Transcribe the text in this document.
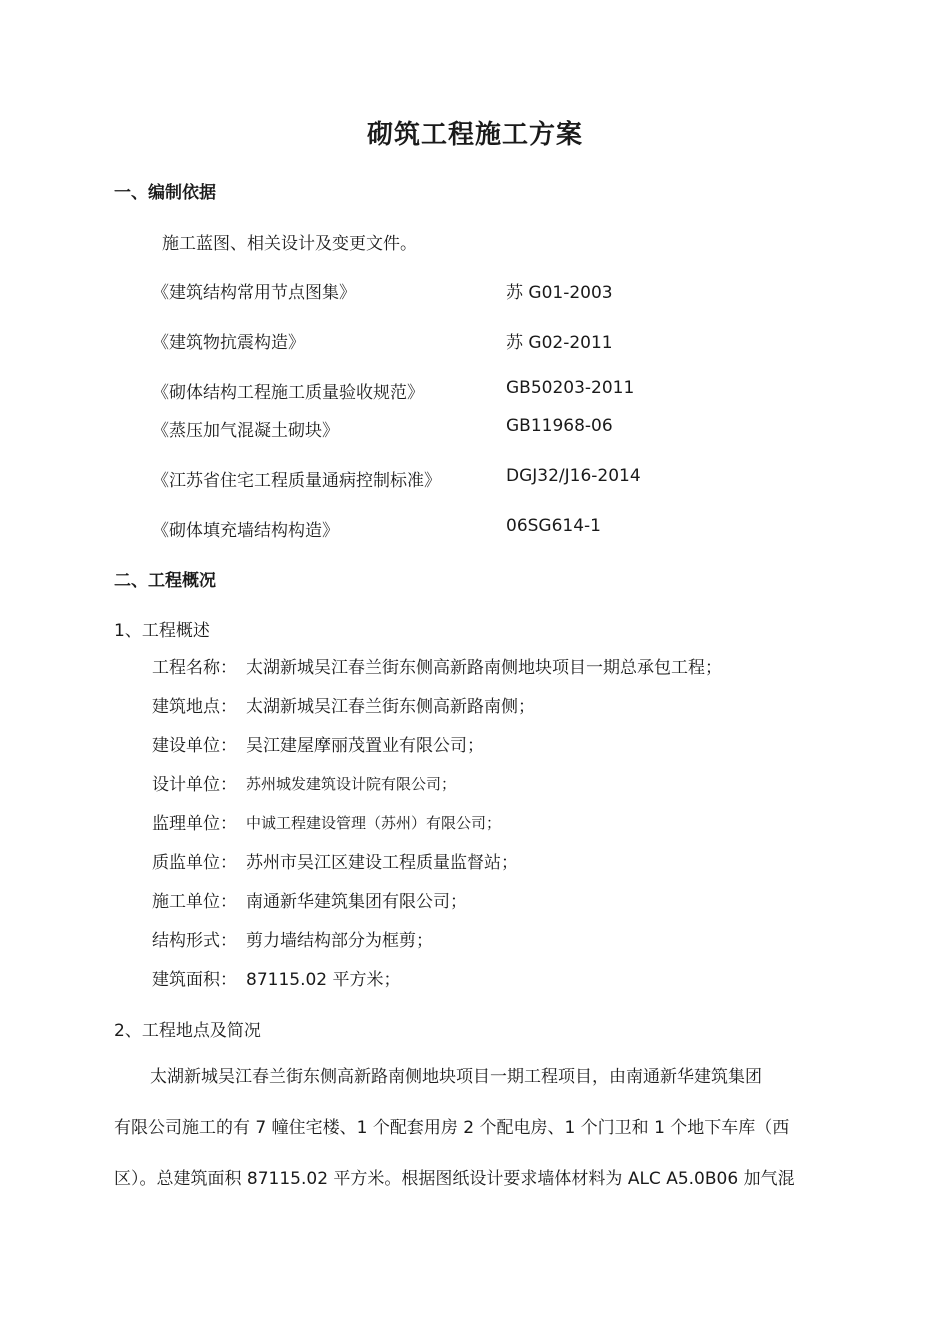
砌筑工程施工方案
一、编制依据
施工蓝图、相关设计及变更文件。
《建筑结构常用节点图集》	苏 G01-2003
《建筑物抗震构造》	苏 G02-2011
《砌体结构工程施工质量验收规范》	GB50203-2011
《蒸压加气混凝土砌块》	GB11968-06
《江苏省住宅工程质量通病控制标准》	DGJ32/J16-2014
《砌体填充墙结构构造》	06SG614-1
二、工程概况
1、工程概述
工程名称： 太湖新城吴江春兰街东侧高新路南侧地块项目一期总承包工程；
建筑地点： 太湖新城吴江春兰街东侧高新路南侧；
建设单位： 吴江建屋摩丽茂置业有限公司；
设计单位： 苏州城发建筑设计院有限公司；
监理单位： 中诚工程建设管理（苏州）有限公司；
质监单位： 苏州市吴江区建设工程质量监督站；
施工单位： 南通新华建筑集团有限公司；
结构形式： 剪力墙结构部分为框剪；
建筑面积： 87115.02 平方米；
2、工程地点及简况
太湖新城吴江春兰街东侧高新路南侧地块项目一期工程项目，由南通新华建筑集团
有限公司施工的有 7 幢住宅楼、1 个配套用房 2 个配电房、1 个门卫和 1 个地下车库（西
区）。总建筑面积 87115.02 平方米。根据图纸设计要求墙体材料为 ALC A5.0B06 加气混
